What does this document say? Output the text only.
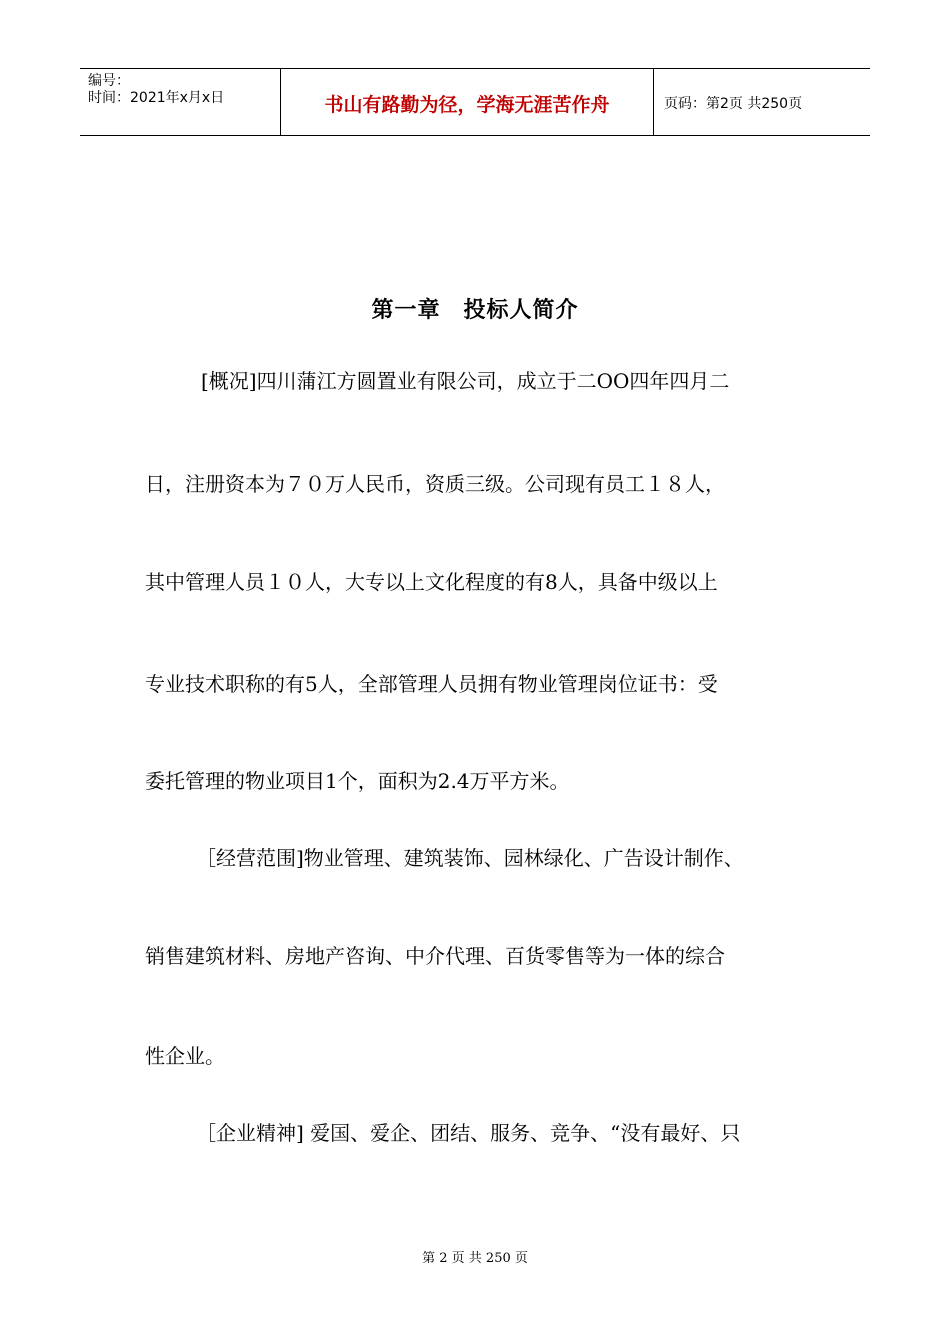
编号：
时间：2021年x月x日	书山有路勤为径，学海无涯苦作舟	页码：第2页 共250页
第一章　投标人简介
[概况]四川蒲江方圆置业有限公司，成立于二OO四年四月二
日，注册资本为７０万人民币，资质三级。公司现有员工１８人，
其中管理人员１０人，大专以上文化程度的有8人，具备中级以上
专业技术职称的有5人，全部管理人员拥有物业管理岗位证书：受
委托管理的物业项目1个，面积为2.4万平方米。
［经营范围]物业管理、建筑装饰、园林绿化、广告设计制作、
销售建筑材料、房地产咨询、中介代理、百货零售等为一体的综合
性企业。
［企业精神] 爱国、爱企、团结、服务、竞争、“没有最好、只
第 2 页 共 250 页
